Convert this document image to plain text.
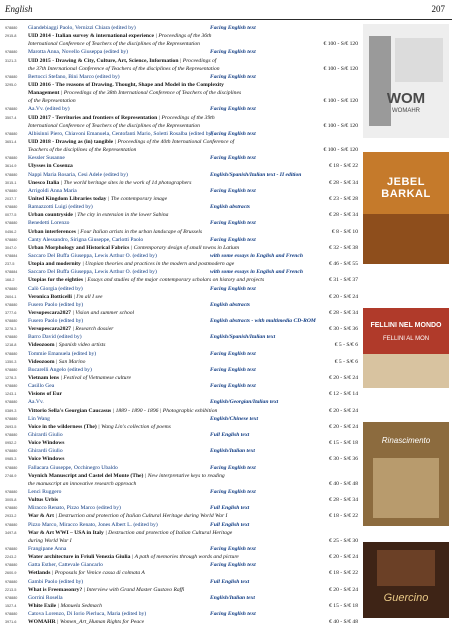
English	207
978880	Giandebiaggi Paolo, Vernizzi Chiara (edited by)	Facing English text
2915-8	UID 2014 - Italian survey & international experience | Proceedings of the 36th
International Conference of Teachers of the disciplines of the Representation	€ 100 - S/€ 120
978880	Marotta Anna, Novello Giuseppa (edited by)	Facing English text
3121-3	UID 2015 - Drawing & City, Culture, Art, Science, Information | Proceedings of
the 37th International Conference of Teachers of the disciplines of the Representation	€ 100 - S/€ 120
978880	Bertocci Stefano, Bini Marco (edited by)	Facing English text
3295-0	UID 2016 - The reasons of Drawing. Thought, Shape and Model in the Complexity
Management | Proceedings of the 38th International Conference of Teachers of the disciplines
of the Representation	€ 100 - S/€ 120
978880	Aa.Vv. (edited by)	Facing English text
3507-4	UID 2017 - Territories and frontiers of Representation | Proceedings of the 39th
International Conference of Teachers of the disciplines of the Representation	€ 100 - S/€ 120
978880	Albisinni Piero, Chiavoni Emanuela, Centofanti Mario, Soletti Rosalba (edited by)
Facing English text
3651-4	UID 2018 - Drawing as (in) tangible | Proceedings of the 40th International Conference of
Teachers of the disciplines of the Representation	€ 100 - S/€ 120
978880	Kessler Susanne	Facing English text
3614-9	Ulysses in Cosenza	€ 18 - S/€ 22
978880	Nappi Maria Rosaria, Cesi Adele (edited by)	English/Spanish/Italian text - II edition
3015-1	Unesco Italia | The world heritage sites in the work of 14 photographers	€ 28 - S/€ 34
978880	Arrigoldi Anna Maria	Facing English text
2037-7	United Kingdom Libraries today | The contemporary image	€ 23 - S/€ 28
978880	Ramazzotti Luigi (edited by)	English abstracts
0077-5	Urban countryside | The city in extension in the lower Sabina	€ 28 - S/€ 34
978880	Benedetti Lorenzo	Facing English text
0456-2	Urban interferences | Four Italian artists in the urban landscape of Brussels	€ 8 - S/€ 10
978880	Canty Alessandro, Sirigna Giuseppe, Carlotti Paolo	Facing English text
3047-0	Urban Morphology and Historical Fabrics | Contemporary design of small towns in Latium	€ 32 - S/€ 38
978884	Saccaro Del Buffa Giuseppa, Lewis Arthur O. (edited by)	with some essays in English and French
237-5	Utopia and modernity | Utopian theories and practices in the modern and postmodern age	€ 46 - S/€ 55
978884	Saccaro Del Buffa Giuseppa, Lewis Arthur O. (edited by)	with some essays in English and French
168-2	Utopias for the eighties | Essays and studies of the major contemporary scholars on history and projects	€ 31 - S/€ 37
978880	Calò Giorgia (edited by)	Facing English text
2604-1	Veronica Botticelli | I'm all I see	€ 20 - S/€ 24
978880	Fusero Paolo (edited by)	English abstracts
3777-6	Versopescara2027 | Vision and summer school	€ 28 - S/€ 34
978880	Fusero Paolo (edited by)	English abstracts - with multimedia CD-ROM
3278-3	Versopescara2027 | Research dossier	€ 30 - S/€ 36
978880	Barro David (edited by)	English/Spanish/Italian text
1218-8	Videozoom | Spanish video artists	€ 5 - S/€ 6
978880	Tommie Emanuela (edited by)	Facing English text
1350-3	Videozoom | San Marino	€ 5 - S/€ 6
978880	Bucarelli Angelo (edited by)	Facing English text
1278-3	Vietnam lens | Festival of Vietnamese culture	€ 20 - S/€ 24
978880	Casillo Gea	Facing English text
1243-1	Visions of Eur	€ 12 - S/€ 14
978880	Aa.Vv.	English/Georgian/Italian text
0389-3	Vittorio Sella's Georgian Caucasus | 1889 - 1890 - 1896 | Photographic exhibition	€ 20 - S/€ 24
978880	Lin Wang	English/Chinese text
2693-5	Voice in the wilderness (The) | Wang Lin's collection of poems	€ 20 - S/€ 24
978880	Ghirardi Giulio	Full English text
0952-2	Voice Windows	€ 15 - S/€ 18
978880	Ghirardi Giulio	English/Italian text
0985-3	Voice Windows	€ 30 - S/€ 36
978880	Fallacara Giuseppe, Occhinegro Ubaldo	Facing English text
2748-9	Voynich Manuscript and Castel del Monte (The) | New interpretative keys to reading
the manuscript an innovative research approach	€ 40 - S/€ 48
978880	Lenci Ruggero	Facing English text
3005-8	Vultus Urbis	€ 28 - S/€ 34
978880	Miracco Renato, Pizzo Marco (edited by)	Full English text
2933-2	War & Art | Destruction and protection of Italian Cultural Heritage during World War I	€ 18 - S/€ 22
978880	Pizzo Marco, Miracco Renato, Jones Albert L. (edited by)	Full English text
3497-8	War & Art WWI – USA in Italy | Destruction and protection of Italian Cultural Heritage
during World War I	€ 25 - S/€ 30
978880	Frangipane Anna	Facing English text
2243-2	Water architecture in Friuli Venezia Giulia | A path of memories through words and picture	€ 20 - S/€ 24
978880	Gatta Esther, Cattevale Giancarlo	Facing English text
2600-9	Wetlands | Proposals for Venice cassa di colmata A	€ 18 - S/€ 22
978880	Gambi Paolo (edited by)	Full English text
2213-5	What is Freemasonry? | Interview with Grand Master Gustavo Raffi	€ 20 - S/€ 24
978880	Gorrini Rosella	English/Italian text
1527-4	White Exile | Manuela Sedmach	€ 15 - S/€ 18
978880	Catova Lorenzo, Di Iorio Pierluca, Maria (edited by)	Facing English text
3971-6	WOMAHR | Women_Art_Human Rights for Peace	€ 40 - S/€ 48
WOM
WOMAHR
JEBEL BARKAL
FELLINI NEL MONDO
FELLINI AL MON
Rinascimento
Guercino
